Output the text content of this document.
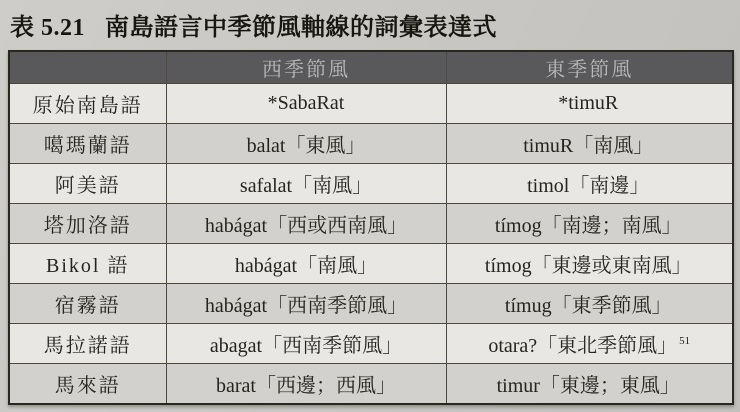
表 5.21 南島語言中季節風軸線的詞彙表達式
	西季節風	東季節風
原始南島語	*SabaRat	*timuR
噶瑪蘭語	balat「東風」	timuR「南風」
阿美語	safalat「南風」	timol「南邊」
塔加洛語	habágat「西或西南風」	tímog「南邊；南風」
Bikol 語	habágat「南風」	tímog「東邊或東南風」
宿霧語	habágat「西南季節風」	tímug「東季節風」
馬拉諾語	abagat「西南季節風」	otara?「東北季節風」 $^{51}$
馬來語	barat「西邊；西風」	timur「東邊；東風」
